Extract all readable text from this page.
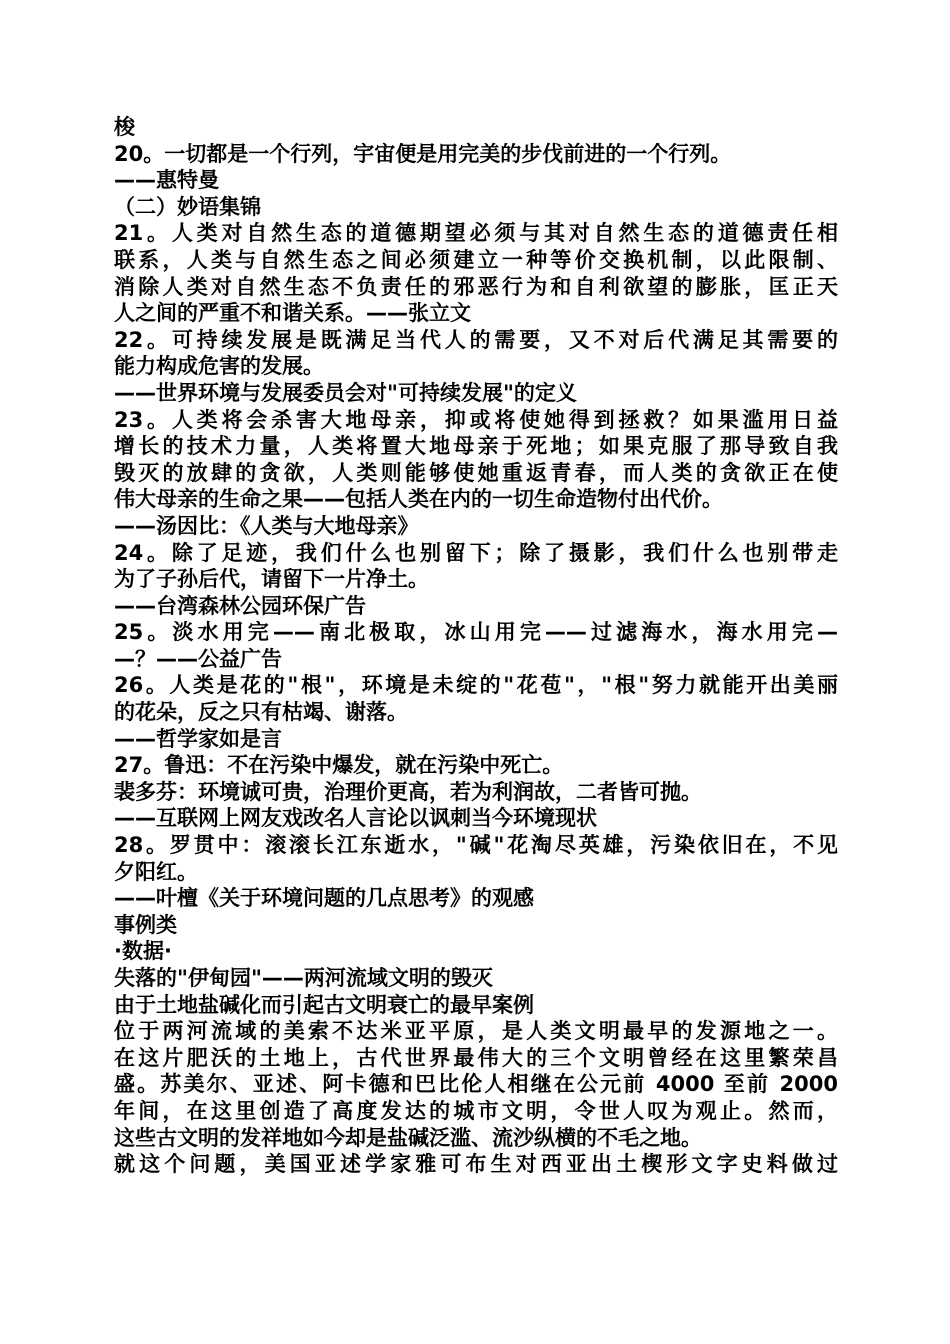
梭
20。一切都是一个行列，宇宙便是用完美的步伐前进的一个行列。
——惠特曼
（二）妙语集锦
21。人类对自然生态的道德期望必须与其对自然生态的道德责任相
联系，人类与自然生态之间必须建立一种等价交换机制，以此限制、
消除人类对自然生态不负责任的邪恶行为和自利欲望的膨胀，匡正天
人之间的严重不和谐关系。——张立文
22。可持续发展是既满足当代人的需要，又不对后代满足其需要的
能力构成危害的发展。
——世界环境与发展委员会对"可持续发展"的定义
23。人类将会杀害大地母亲，抑或将使她得到拯救？如果滥用日益
增长的技术力量，人类将置大地母亲于死地；如果克服了那导致自我
毁灭的放肆的贪欲，人类则能够使她重返青春，而人类的贪欲正在使
伟大母亲的生命之果——包括人类在内的一切生命造物付出代价。
——汤因比：《人类与大地母亲》
24。除了足迹，我们什么也别留下；除了摄影，我们什么也别带走
为了子孙后代，请留下一片净土。
——台湾森林公园环保广告
25。淡水用完——南北极取，冰山用完——过滤海水，海水用完—
—？——公益广告
26。人类是花的"根"，环境是未绽的"花苞"，"根"努力就能开出美丽
的花朵，反之只有枯竭、谢落。
——哲学家如是言
27。鲁迅：不在污染中爆发，就在污染中死亡。
裴多芬：环境诚可贵，治理价更高，若为利润故，二者皆可抛。
——互联网上网友戏改名人言论以讽刺当今环境现状
28。罗贯中：滚滚长江东逝水，"碱"花淘尽英雄，污染依旧在，不见
夕阳红。
——叶檀《关于环境问题的几点思考》的观感
事例类
·数据·
失落的"伊甸园"——两河流域文明的毁灭
由于土地盐碱化而引起古文明衰亡的最早案例
位于两河流域的美索不达米亚平原，是人类文明最早的发源地之一。
在这片肥沃的土地上，古代世界最伟大的三个文明曾经在这里繁荣昌
盛。苏美尔、亚述、阿卡德和巴比伦人相继在公元前 4000 至前 2000
年间，在这里创造了高度发达的城市文明，令世人叹为观止。然而，
这些古文明的发祥地如今却是盐碱泛滥、流沙纵横的不毛之地。
就这个问题，美国亚述学家雅可布生对西亚出土楔形文字史料做过
